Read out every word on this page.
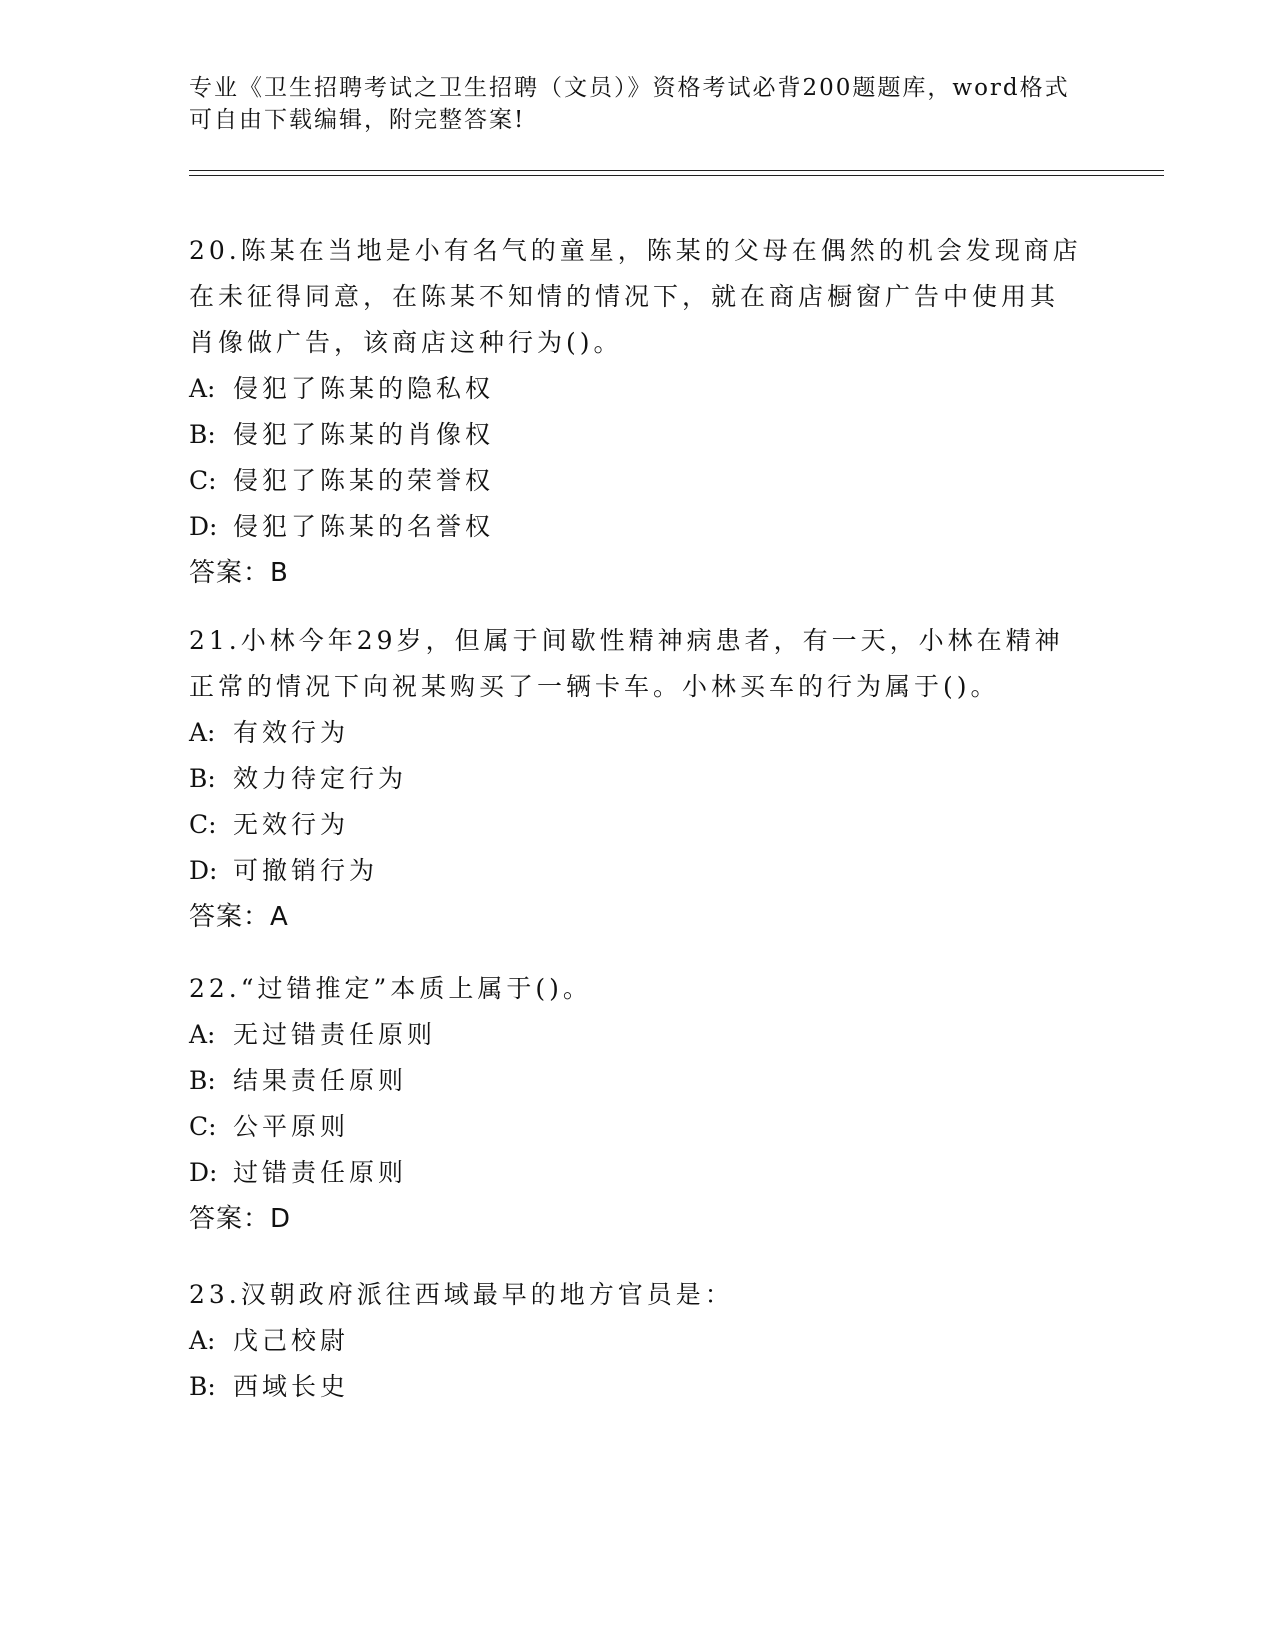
专业《卫生招聘考试之卫生招聘（文员）》资格考试必背200题题库，word格式
可自由下载编辑，附完整答案!

20.陈某在当地是小有名气的童星，陈某的父母在偶然的机会发现商店

在未征得同意，在陈某不知情的情况下，就在商店橱窗广告中使用其

肖像做广告，该商店这种行为()。

A: 侵犯了陈某的隐私权

B: 侵犯了陈某的肖像权

C: 侵犯了陈某的荣誉权

D: 侵犯了陈某的名誉权

答案：B

21.小林今年29岁，但属于间歇性精神病患者，有一天，小林在精神

正常的情况下向祝某购买了一辆卡车。小林买车的行为属于()。

A: 有效行为

B: 效力待定行为

C: 无效行为

D: 可撤销行为

答案：A

22.“过错推定”本质上属于()。

A: 无过错责任原则

B: 结果责任原则

C: 公平原则

D: 过错责任原则

答案：D

23.汉朝政府派往西域最早的地方官员是：

A: 戊己校尉

B: 西域长史
